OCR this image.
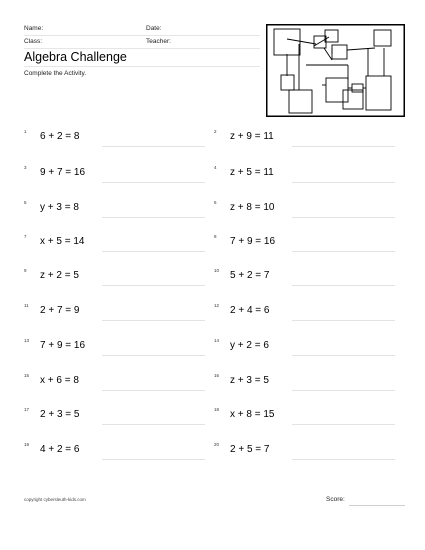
Name:	Date:
Class:	Teacher:
Algebra Challenge
Complete the Activity.
1 6 + 2 = 8
3 9 + 7 = 16
5 y + 3 = 8
7 x + 5 = 14
9 z + 2 = 5
11 2 + 7 = 9
13 7 + 9 = 16
15 x + 6 = 8
17 2 + 3 = 5
19 4 + 2 = 6
2 z + 9 = 11
4 z + 5 = 11
6 z + 8 = 10
8 7 + 9 = 16
10 5 + 2 = 7
12 2 + 4 = 6
14 y + 2 = 6
16 z + 3 = 5
18 x + 8 = 15
20 2 + 5 = 7
copyright cybersleuth-kids.com	Score:
